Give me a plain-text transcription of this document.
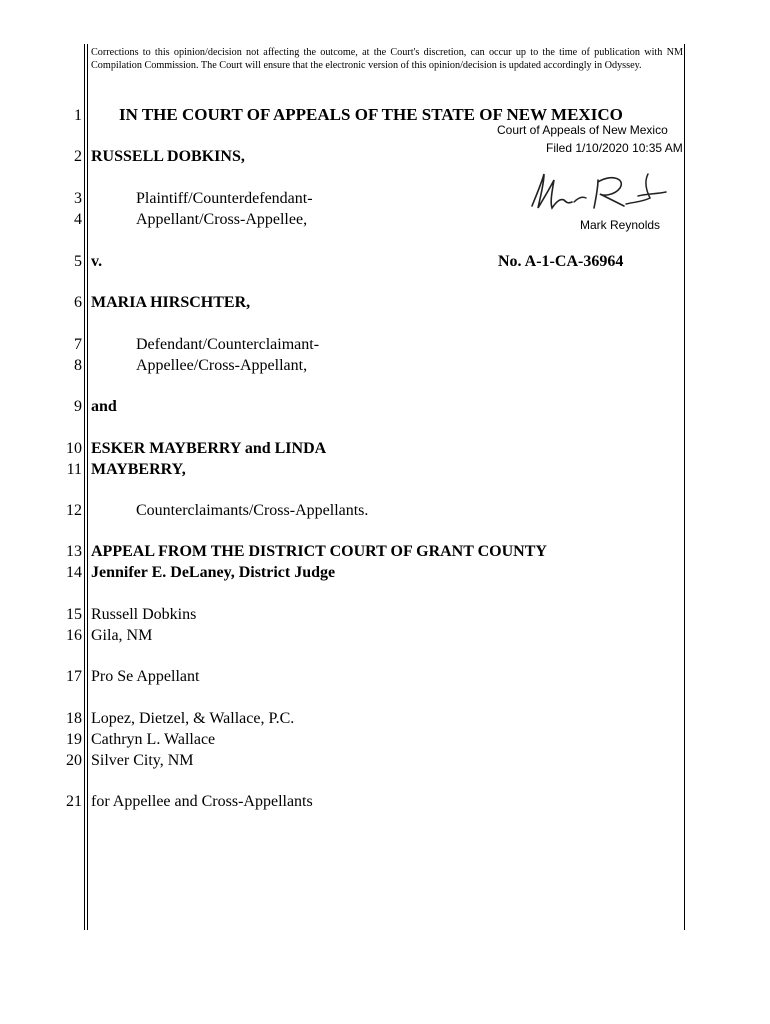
Corrections to this opinion/decision not affecting the outcome, at the Court's discretion, can occur up to the time of publication with NM Compilation Commission. The Court will ensure that the electronic version of this opinion/decision is updated accordingly in Odyssey.
1
2
3
4
5
6
7
8
9
10
11
12
13
14
15
16
17
18
19
20
21
IN THE COURT OF APPEALS OF THE STATE OF NEW MEXICO
Court of Appeals of New Mexico
Filed 1/10/2020 10:35 AM
Mark Reynolds
RUSSELL DOBKINS,
Plaintiff/Counterdefendant-
Appellant/Cross-Appellee,
v.	No. A-1-CA-36964
MARIA HIRSCHTER,
Defendant/Counterclaimant-
Appellee/Cross-Appellant,
and
ESKER MAYBERRY and LINDA
MAYBERRY,
Counterclaimants/Cross-Appellants.
APPEAL FROM THE DISTRICT COURT OF GRANT COUNTY
Jennifer E. DeLaney, District Judge
Russell Dobkins
Gila, NM
Pro Se Appellant
Lopez, Dietzel, & Wallace, P.C.
Cathryn L. Wallace
Silver City, NM
for Appellee and Cross-Appellants
